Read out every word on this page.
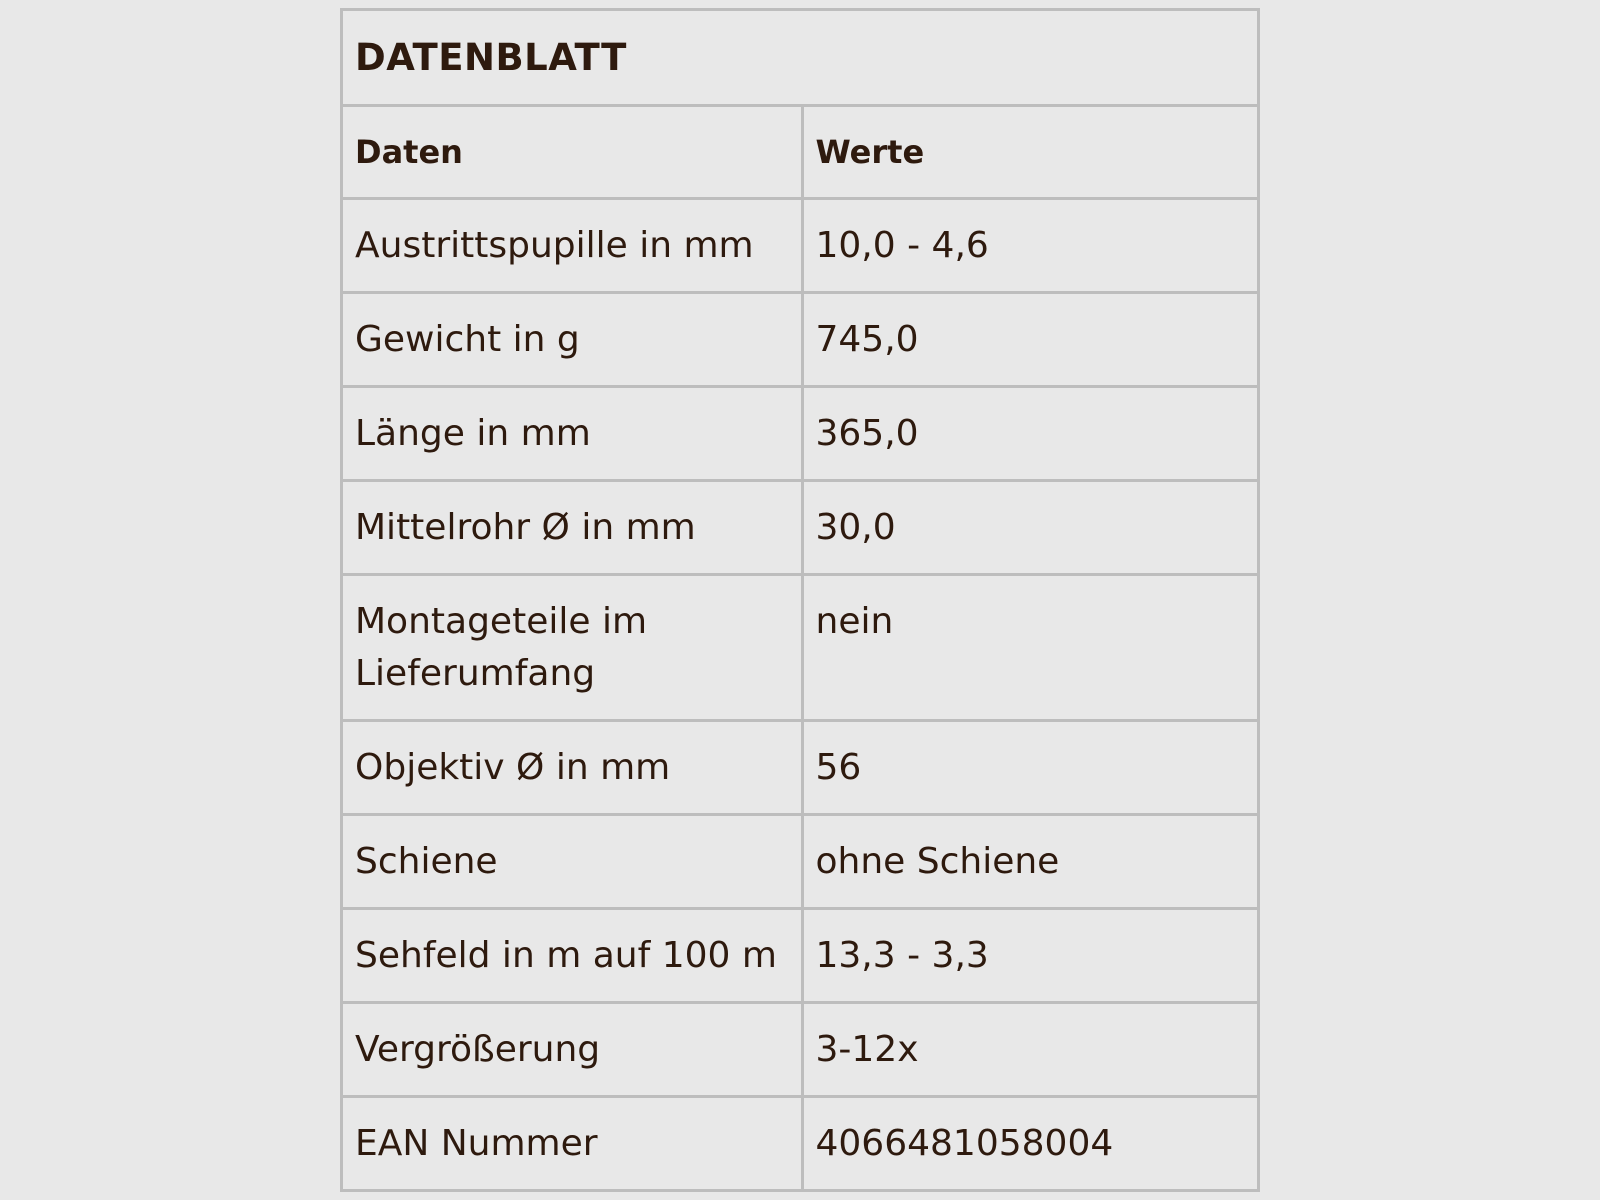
DATENBLATT	
Daten	Werte
Austrittspupille in mm	10,0 - 4,6
Gewicht in g	745,0
Länge in mm	365,0
Mittelrohr Ø in mm	30,0
Montageteile im Lieferumfang	nein
Objektiv Ø in mm	56
Schiene	ohne Schiene
Sehfeld in m auf 100 m	13,3 - 3,3
Vergrößerung	3-12x
EAN Nummer	4066481058004
